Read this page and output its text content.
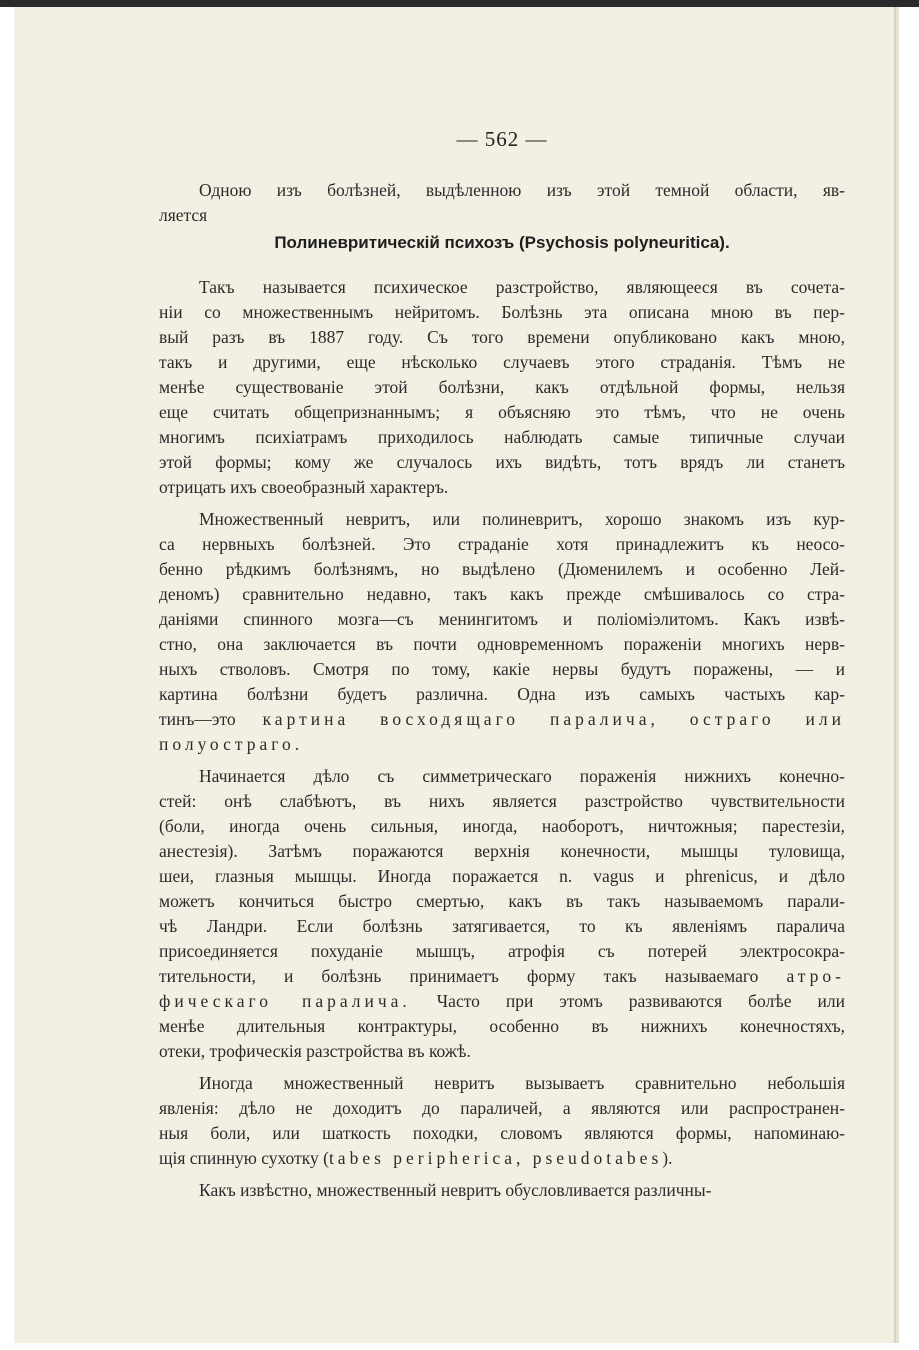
— 562 —
Одною изъ болѣзней, выдѣленною изъ этой темной области, яв-
ляется
Полиневритическій психозъ (Psychosis polyneuritica).
Такъ называется психическое разстройство, являющееся въ сочета-
ніи со множественнымъ нейритомъ. Болѣзнь эта описана мною въ пер-
вый разъ въ 1887 году. Съ того времени опубликовано какъ мною,
такъ и другими, еще нѣсколько случаевъ этого страданія. Тѣмъ не
менѣе существованіе этой болѣзни, какъ отдѣльной формы, нельзя
еще считать общепризнаннымъ; я объясняю это тѣмъ, что не очень
многимъ психіатрамъ приходилось наблюдать самые типичные случаи
этой формы; кому же случалось ихъ видѣть, тотъ врядъ ли станетъ
отрицать ихъ своеобразный характеръ.
Множественный невритъ, или полиневритъ, хорошо знакомъ изъ кур-
са нервныхъ болѣзней. Это страданіе хотя принадлежитъ къ неосо-
бенно рѣдкимъ болѣзнямъ, но выдѣлено (Дюменилемъ и особенно Лей-
деномъ) сравнительно недавно, такъ какъ прежде смѣшивалось со стра-
даніями спинного мозга—съ менингитомъ и поліоміэлитомъ. Какъ извѣ-
стно, она заключается въ почти одновременномъ пораженіи многихъ нерв-
ныхъ стволовъ. Смотря по тому, какіе нервы будутъ поражены, — и
картина болѣзни будетъ различна. Одна изъ самыхъ частыхъ кар-
тинъ—это картина восходящаго паралича, остраго или
полуостраго.
Начинается дѣло съ симметрическаго пораженія нижнихъ конечно-
стей: онѣ слабѣютъ, въ нихъ является разстройство чувствительности
(боли, иногда очень сильныя, иногда, наоборотъ, ничтожныя; парестезіи,
анестезія). Затѣмъ поражаются верхнія конечности, мышцы туловища,
шеи, глазныя мышцы. Иногда поражается n. vagus и phrenicus, и дѣло
можетъ кончиться быстро смертью, какъ въ такъ называемомъ парали-
чѣ Ландри. Если болѣзнь затягивается, то къ явленіямъ паралича
присоединяется похуданіе мышцъ, атрофія съ потерей электросокра-
тительности, и болѣзнь принимаетъ форму такъ называемаго атро-
фическаго паралича. Часто при этомъ развиваются болѣе или
менѣе длительныя контрактуры, особенно въ нижнихъ конечностяхъ,
отеки, трофическія разстройства въ кожѣ.
Иногда множественный невритъ вызываетъ сравнительно небольшія
явленія: дѣло не доходитъ до параличей, а являются или распространен-
ныя боли, или шаткость походки, словомъ являются формы, напоминаю-
щія спинную сухотку (tabes peripherica, pseudotabes).
Какъ извѣстно, множественный невритъ обусловливается различны-
